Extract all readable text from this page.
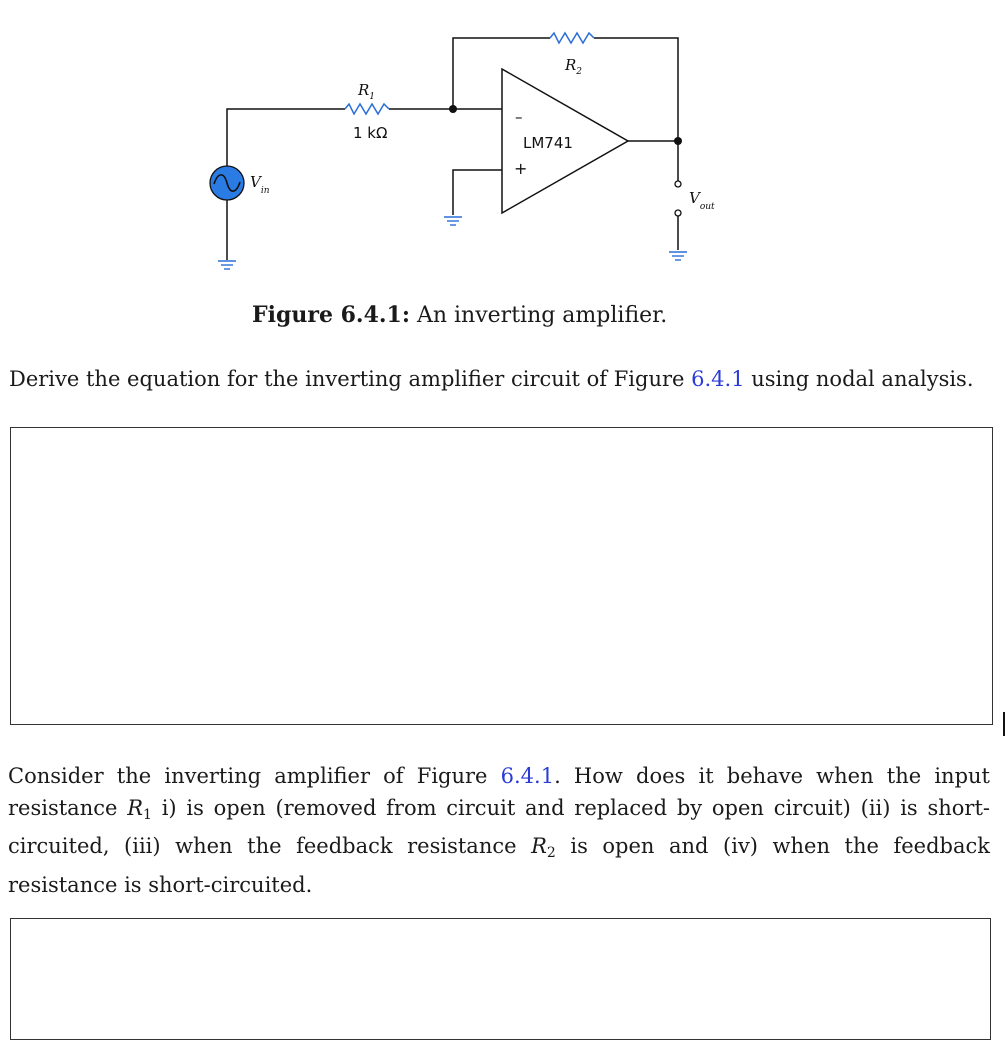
$R_2$
$R_1$
1 kΩ
LM741
–
+
$V_{in}$	$V_{out}$
Figure 6.4.1: An inverting amplifier.
Derive the equation for the inverting amplifier circuit of Figure 6.4.1 using nodal analysis.
Consider the inverting amplifier of Figure 6.4.1. How does it behave when the input resistance $R_1$ i) is open (removed from circuit and replaced by open circuit) (ii) is short-circuited, (iii) when the feedback resistance $R_2$ is open and (iv) when the feedback resistance is short-circuited.
